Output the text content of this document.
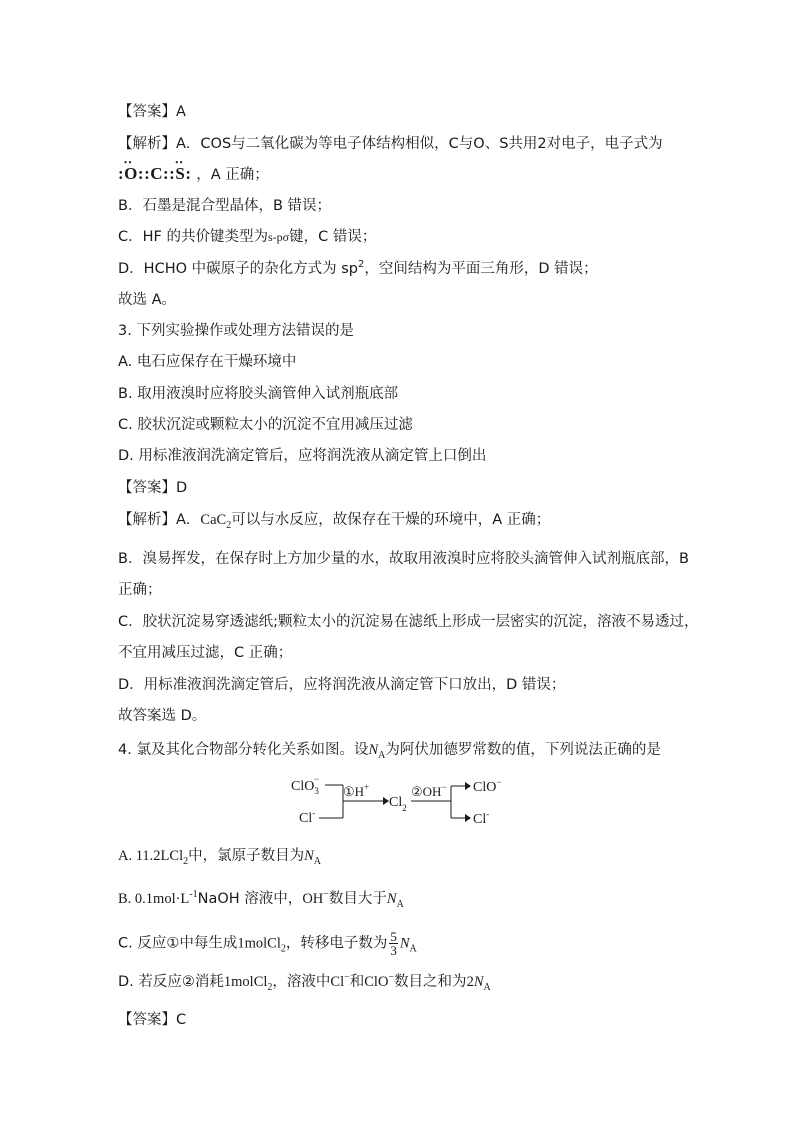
【答案】A
【解析】A．COS与二氧化碳为等电子体结构相似，C与O、S共用2对电子，电子式为
:• • O::C::• • S: ，A 正确；
B．石墨是混合型晶体，B 错误；
C．HF 的共价键类型为s-pσ键，C 错误；
D．HCHO 中碳原子的杂化方式为 $sp^2$，空间结构为平面三角形，D 错误；
故选 A。
3. 下列实验操作或处理方法错误的是
A. 电石应保存在干燥环境中
B. 取用液溴时应将胶头滴管伸入试剂瓶底部
C. 胶状沉淀或颗粒太小的沉淀不宜用减压过滤
D. 用标准液润洗滴定管后，应将润洗液从滴定管上口倒出
【答案】D
【解析】A．CaC$_2$可以与水反应，故保存在干燥的环境中，A 正确；
B．溴易挥发，在保存时上方加少量的水，故取用液溴时应将胶头滴管伸入试剂瓶底部，B
正确；
C．胶状沉淀易穿透滤纸;颗粒太小的沉淀易在滤纸上形成一层密实的沉淀，溶液不易透过，
不宜用减压过滤，C 正确；
D．用标准液润洗滴定管后，应将润洗液从滴定管下口放出，D 错误；
故答案选 D。
4. 氯及其化合物部分转化关系如图。设$N_A$为阿伏加德罗常数的值，下列说法正确的是
ClO$_3$−
Cl-
①H+
$Cl_2$
②OH− ClO−
Cl-
A. 11.2LCl$_2$中，氯原子数目为$N_A$
B. $0.1mol\cdot L^{-1}NaOH$ 溶液中，OH−数目大于$N_A$
C. 反应①中每生成1molCl$_2$，转移电子数为 $\frac{5}{3} N_A$
D. 若反应②消耗1molCl$_2$，溶液中Cl−和ClO−数目之和为$2N_A$
【答案】C
